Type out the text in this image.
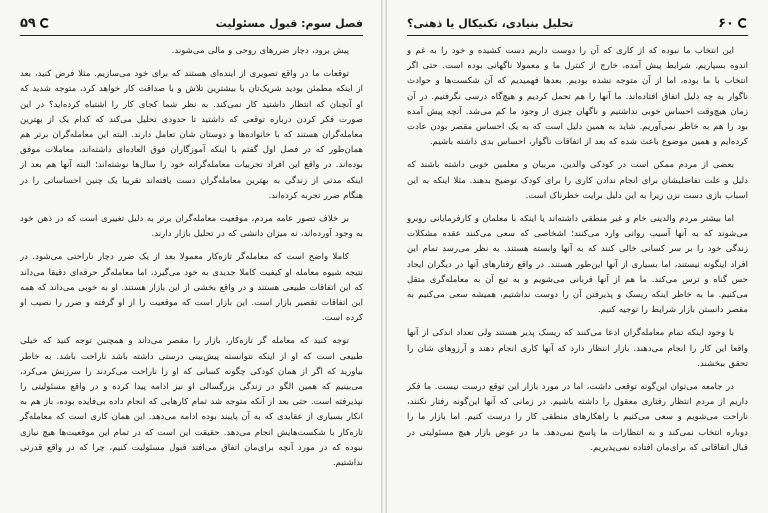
فصل سوم: قبول مسئولیت
۵۹

پیش برود، دچار ضررهای روحی و مالی می‌شوند.

توقعات ما در واقع تصویری از اینده‌ای هستند که برای خود می‌سازیم. مثلا فرض کنید، بعد از اینکه مطمئن بودید شریک‌تان با بیشترین تلاش و با صداقت کار خواهد کرد، متوجه شدید که او آنچنان که انتظار داشتید کار نمی‌کند. به نظر شما کجای کار را اشتباه کرده‌اید؟ در این صورت فکر کردن درباره توقعی که داشتید تا حدودی تحلیل می‌کند که کدام یک از بهترین معامله‌گران هستند که با خانواده‌ها و دوستان شان تعامل دارند. البته این معامله‌گران برتر هم همان‌طور که در فصل اول گفتم با اینکه آموزگاران فوق العاده‌ای داشته‌اند، معاملات موفق بوده‌اند. در واقع این افراد تجربیات معامله‌گرانه خود را سال‌ها نوشته‌اند؛ البته آنها هم بعد از اینکه مدتی از زندگی به بهترین معامله‌گران دست یافته‌اند تقریبا یک چنین احساساتی را در هنگام ضرر تجربه کرده‌اند.

بر خلاف تصور عامه مردم، موقعیت معامله‌گران برتر به دلیل تغییری است که در ذهن خود به وجود آورده‌اند، نه میزان دانشی که در تحلیل بازار دارند.

کاملا واضح است که معامله‌گر تازه‌کار معمولا بعد از یک ضرر دچار ناراحتی می‌شود. در نتیجه شیوه معامله او کیفیت کاملا جدیدی به خود می‌گیرد، اما معامله‌گر حرفه‌ای دقیقا می‌داند که این اتفاقات طبیعی هستند و در واقع بخشی از این بازار هستند. او به خوبی می‌داند که همه این اتفاقات تقصیر بازار است. این بازار است که موقعیت را از او گرفته و ضرر را نصیب او کرده است.

توجه کنید که معامله گر تازه‌کار، بازار را مقصر می‌داند و همچنین توجه کنید که خیلی طبیعی است که او از اینکه نتوانسته پیش‌بینی درستی داشته باشد ناراحت باشد. به خاطر بیاورید که اگر از همان کودکی چگونه کسانی که او را ناراحت می‌کردند را سرزنش می‌کرد، می‌بینیم که همین الگو در زندگی بزرگسالی او نیز ادامه پیدا کرده و در واقع مسئولیتی را نپذیرفته است. حتی بعد از آنکه متوجه شد تمام کارهایی که انجام داده بی‌فایده بوده، باز هم به انکار بسیاری از عقایدی که به آن پایبند بوده ادامه می‌دهد. این همان کاری است که معامله‌گر تازه‌کار با شکست‌هایش انجام می‌دهد. حقیقت این است که در تمام این موقعیت‌ها هیچ نیازی نبوده که در مورد آنچه برای‌مان اتفاق می‌افتد قبول مسئولیت کنیم، چرا که در واقع قدرتی نداشتیم.

۶۰
تحلیل بنیادی، تکنیکال یا ذهنی؟

این انتخاب ما نبوده که از کاری که آن را دوست داریم دست کشیده و خود را به غم و اندوه بسپاریم. شرایط پیش آمده، خارج از کنترل ما و معمولا ناگهانی بوده است. حتی اگر انتخاب با ما بوده، اما از آن متوجه نشده بودیم. بعدها فهمیدیم که آن شکست‌ها و حوادث ناگوار به چه دلیل اتفاق افتاده‌اند. ما آنها را هم تحمل کردیم و هیچ‌گاه درسی نگرفتیم. در آن زمان هیچ‌وقت احساس خوبی نداشتیم و ناگهان چیزی از وجود ما کم می‌شد. آنچه پیش آمده بود را هم به خاطر نمی‌آوریم. شاید به همین دلیل است که به یک احساس مقصر بودن عادت کرده‌ایم و همین موضوع باعث شده که بعد از اتفاقات ناگوار، احساس بدی داشته باشیم.

بعضی از مردم ممکن است در کودکی والدین، مربیان و معلمین خوبی داشته باشند که دلیل و علت تفاضلیشان برای انجام ندادن کاری را برای کودک توضیح بدهند. مثلا اینکه به این اسباب بازی دست نزن زیرا به این دلیل برایت خطرناک است.

اما بیشتر مردم والدینی خام و غیر منطقی داشته‌اند یا اینکه با معلمان و کارفرمایانی روبرو می‌شوند که به آنها آسیب روانی وارد می‌کنند؛ اشخاصی که سعی می‌کنند عقده مشکلات زندگی خود را بر سر کسانی خالی کنند که به آنها وابسته هستند. به نظر می‌رسد تمام این افراد اینگونه نیستند، اما بسیاری از آنها این‌طور هستند. در واقع رفتارهای آنها در دیگران ایجاد حس گناه و ترس می‌کند. ما هم از آنها قربانی می‌شویم و به تبع آن به معامله‌گری متقل می‌کنیم. ما به خاطر اینکه ریسک و پذیرفتن آن را دوست نداشتیم، همیشه سعی می‌کنیم به مقصر دانستن بازار شرایط را توجیه کنیم.

با وجود اینکه تمام معامله‌گران ادعا می‌کنند که ریسک پذیر هستند ولی تعداد اندکی از آنها واقعا این کار را انجام می‌دهند. بازار انتظار دارد که آنها کاری انجام دهند و آرزوهای شان را تحقق ببخشند.

در جامعه می‌توان این‌گونه توقعی داشت، اما در مورد بازار این توقع درست نیست. ما فکر داریم از مردم انتظار رفتاری معقول را داشته باشیم. در زمانی که آنها این‌گونه رفتار نکنند، ناراحت می‌شویم و سعی می‌کنیم با راهکارهای منطقی کار را درست کنیم. اما بازار ما را دوباره انتخاب نمی‌کند و به انتظارات ما پاسخ نمی‌دهد. ما در عوض بازار هیچ مسئولیتی در قبال اتفاقاتی که برای‌مان افتاده نمی‌پذیریم.
